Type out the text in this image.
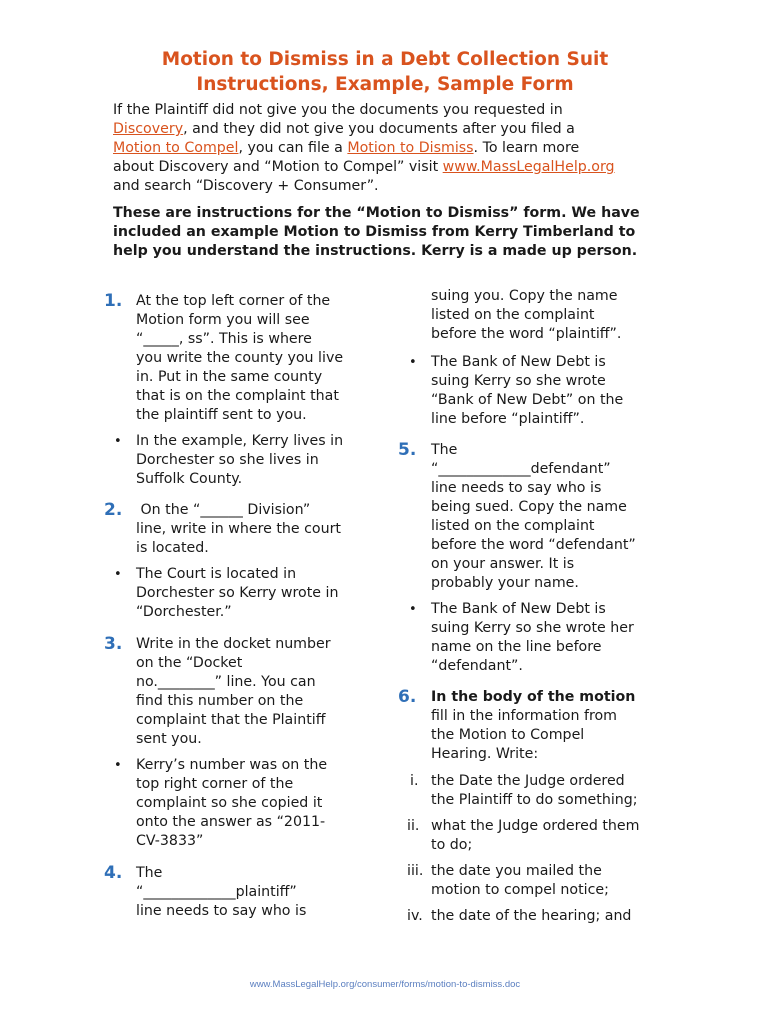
Motion to Dismiss in a Debt Collection Suit
Instructions, Example, Sample Form
If the Plaintiff did not give you the documents you requested in
Discovery, and they did not give you documents after you filed a
Motion to Compel, you can file a Motion to Dismiss. To learn more
about Discovery and “Motion to Compel” visit www.MassLegalHelp.org
and search “Discovery + Consumer”.
These are instructions for the “Motion to Dismiss” form. We have included an example Motion to Dismiss from Kerry Timberland to help you understand the instructions. Kerry is a made up person.
1. At the top left corner of the
Motion form you will see
“_____, ss”. This is where
you write the county you live
in. Put in the same county
that is on the complaint that
the plaintiff sent to you.
• In the example, Kerry lives in
Dorchester so she lives in
Suffolk County.
2. On the “______ Division”
line, write in where the court
is located.
• The Court is located in
Dorchester so Kerry wrote in
“Dorchester.”
3. Write in the docket number
on the “Docket
no.________” line. You can
find this number on the
complaint that the Plaintiff
sent you.
• Kerry’s number was on the
top right corner of the
complaint so she copied it
onto the answer as “2011-
CV-3833”
4. The
“_____________plaintiff”
line needs to say who is
suing you. Copy the name
listed on the complaint
before the word “plaintiff”.
• The Bank of New Debt is
suing Kerry so she wrote
“Bank of New Debt” on the
line before “plaintiff”.
5. The
“_____________defendant”
line needs to say who is
being sued. Copy the name
listed on the complaint
before the word “defendant”
on your answer. It is
probably your name.
• The Bank of New Debt is
suing Kerry so she wrote her
name on the line before
“defendant”.
6. In the body of the motion
fill in the information from
the Motion to Compel
Hearing. Write:
i. the Date the Judge ordered
the Plaintiff to do something;
ii. what the Judge ordered them
to do;
iii. the date you mailed the
motion to compel notice;
iv. the date of the hearing; and
www.MassLegalHelp.org/consumer/forms/motion-to-dismiss.doc
